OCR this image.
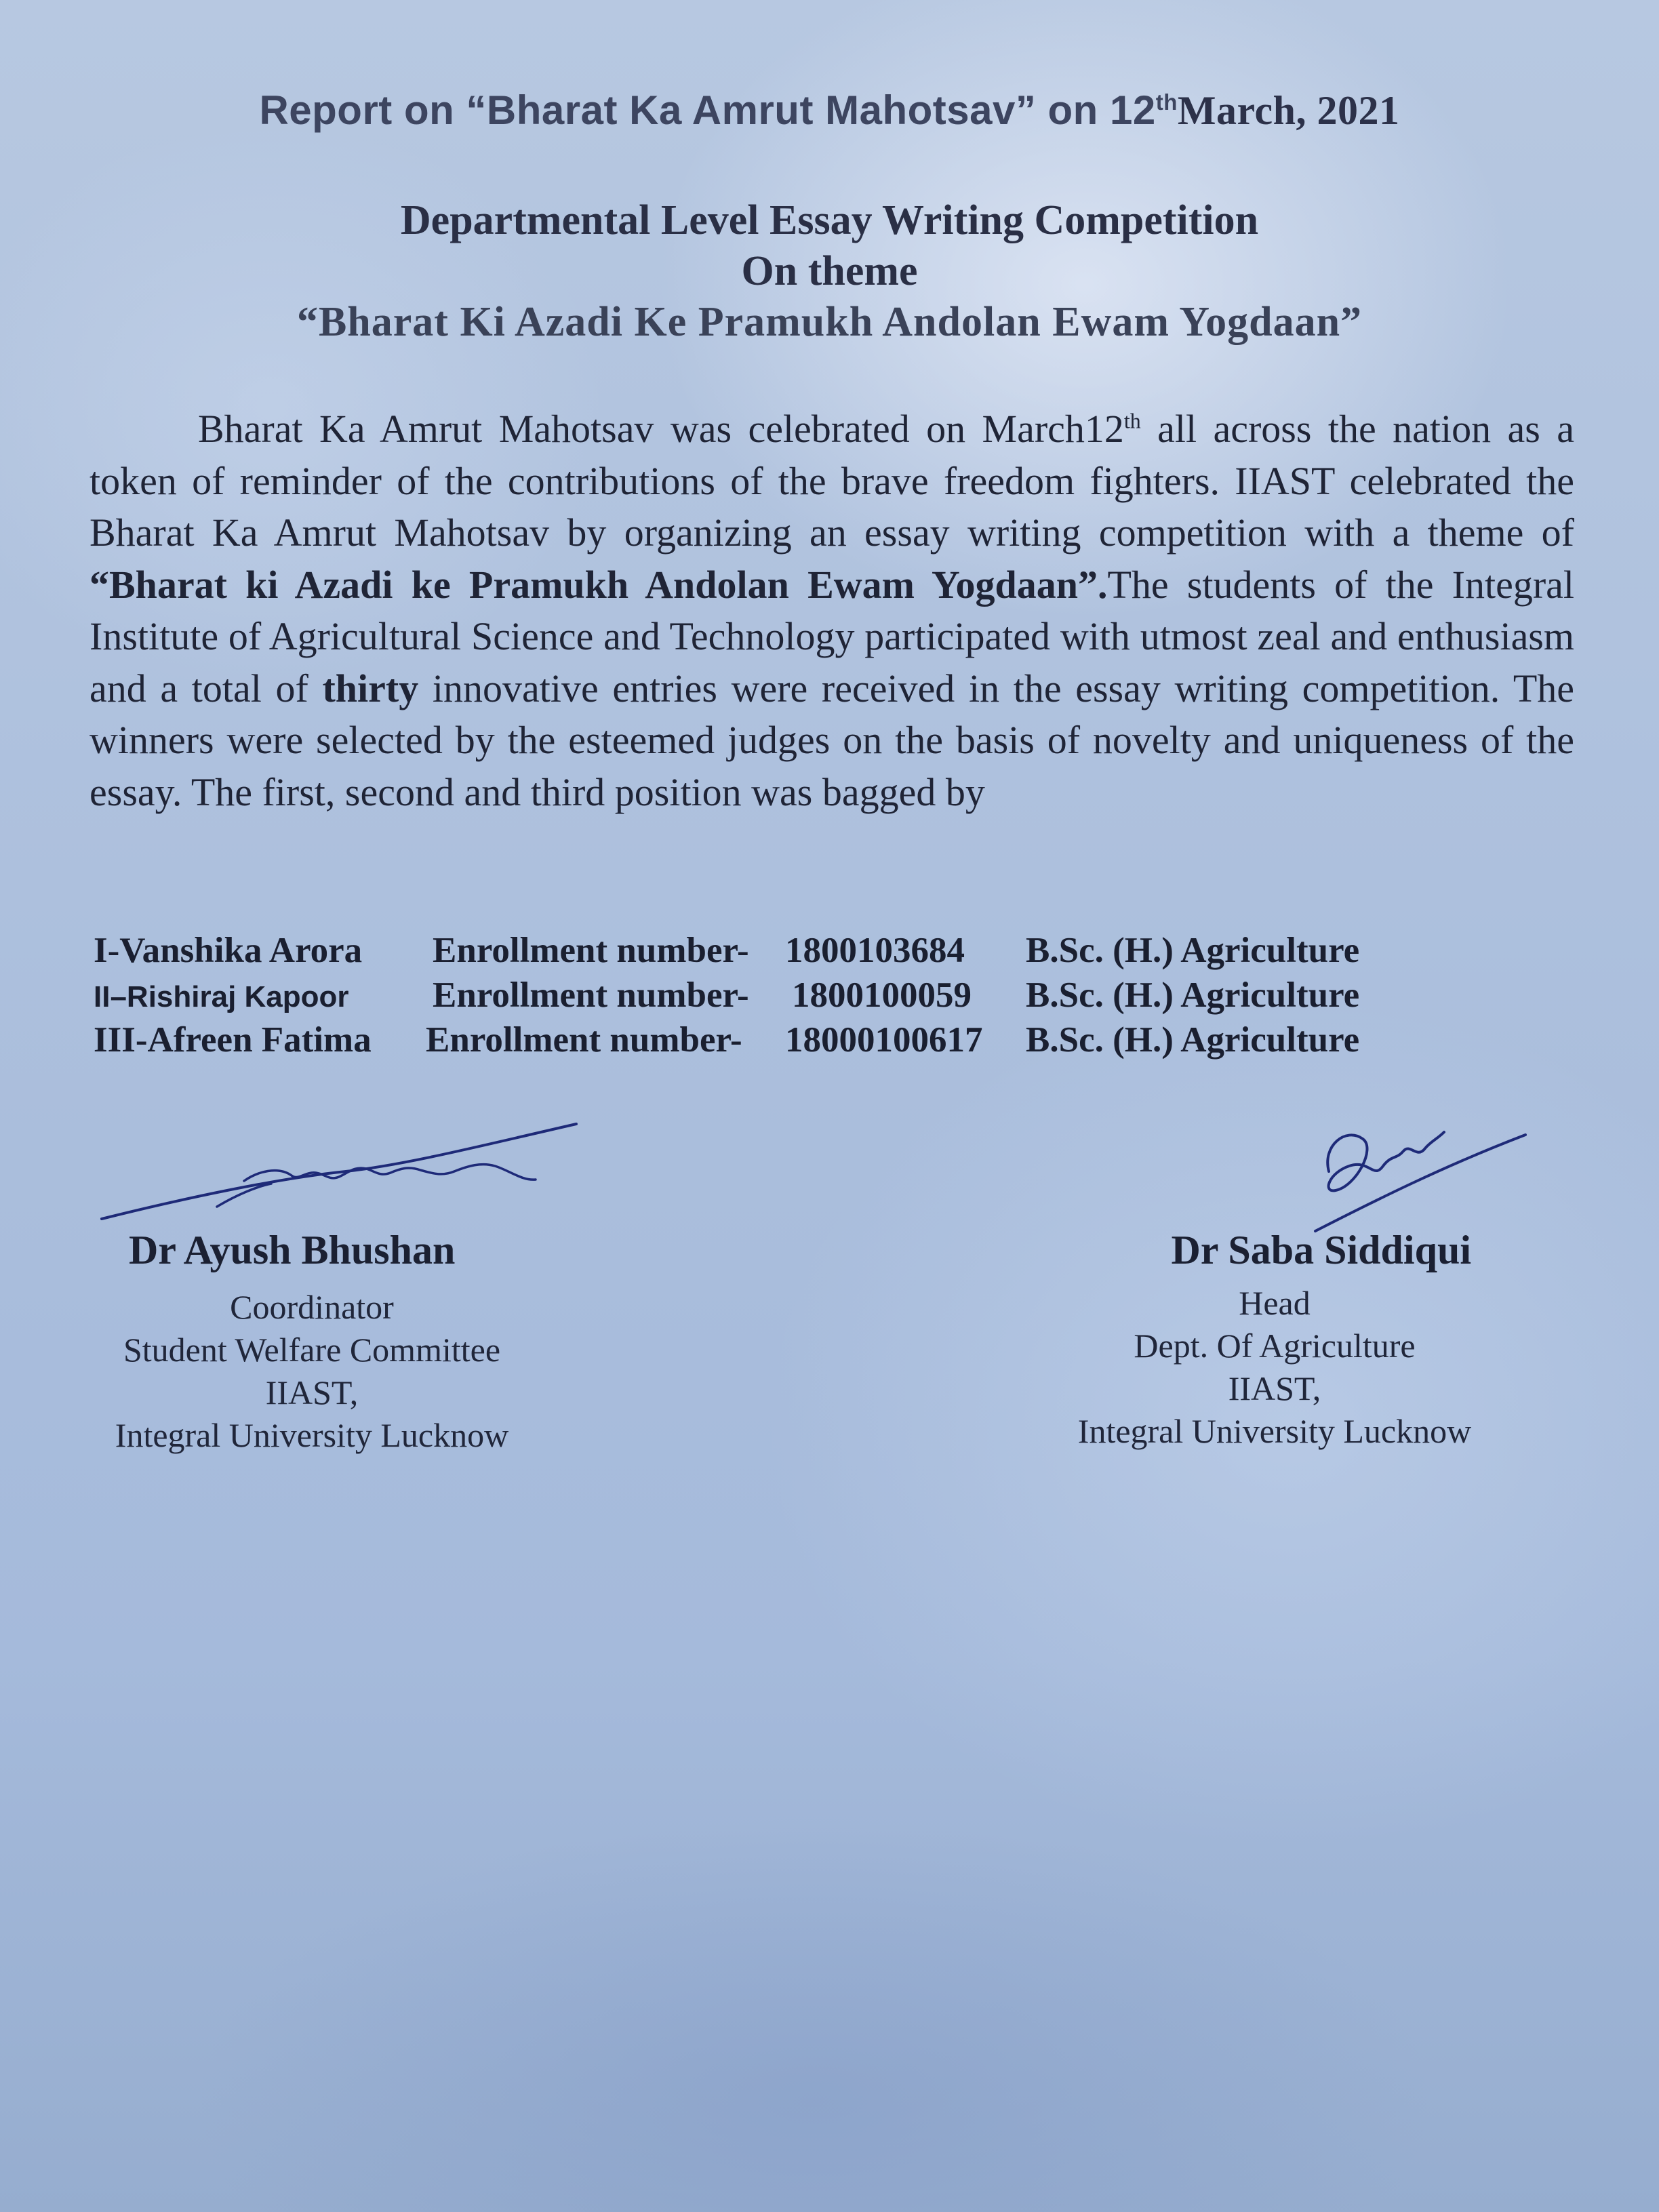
Report on “Bharat Ka Amrut Mahotsav” on 12thMarch, 2021
Departmental Level Essay Writing Competition
On theme
“Bharat Ki Azadi Ke Pramukh Andolan Ewam Yogdaan”
Bharat Ka Amrut Mahotsav was celebrated on March12th all across the nation as a token of reminder of the contributions of the brave freedom fighters. IIAST celebrated the Bharat Ka Amrut Mahotsav by organizing an essay writing competition with a theme of “Bharat ki Azadi ke Pramukh Andolan Ewam Yogdaan”.The students of the Integral Institute of Agricultural Science and Technology participated with utmost zeal and enthusiasm and a total of thirty innovative entries were received in the essay writing competition. The winners were selected by the esteemed judges on the basis of novelty and uniqueness of the essay. The first, second and third position was bagged by
I-Vanshika Arora Enrollment number- 1800103684 B.Sc. (H.) Agriculture
II–Rishiraj Kapoor Enrollment number- 1800100059 B.Sc. (H.) Agriculture
III-Afreen Fatima Enrollment number- 18000100617 B.Sc. (H.) Agriculture
Dr Ayush Bhushan
Coordinator
Student Welfare Committee
IIAST,
Integral University Lucknow
Dr Saba Siddiqui
Head
Dept. Of Agriculture
IIAST,
Integral University Lucknow
